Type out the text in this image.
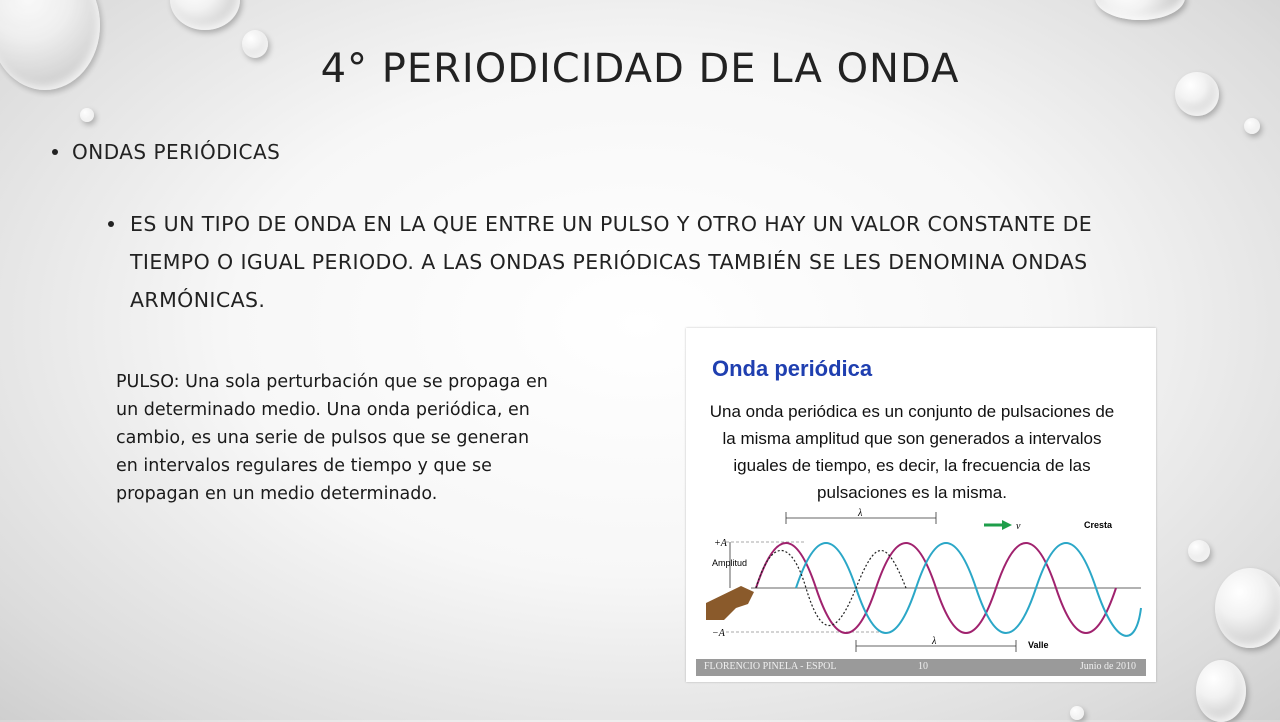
4° PERIODICIDAD DE LA ONDA
ONDAS PERIÓDICAS
ES UN TIPO DE ONDA EN LA QUE ENTRE UN PULSO Y OTRO HAY UN VALOR CONSTANTE DE TIEMPO O IGUAL PERIODO. A LAS ONDAS PERIÓDICAS TAMBIÉN SE LES DENOMINA ONDAS ARMÓNICAS.
PULSO: Una sola perturbación que se propaga en un determinado medio. Una onda periódica, en cambio, es una serie de pulsos que se generan en intervalos regulares de tiempo y que se propagan en un medio determinado.
Onda periódica
Una onda periódica es un conjunto de pulsaciones de la misma amplitud que son generados a intervalos iguales de tiempo, es decir, la frecuencia de las pulsaciones es la misma.
+A
Amplitud
−A
λ
λ
v	Cresta
Valle
FLORENCIO PINELA - ESPOL	10	Junio de 2010
